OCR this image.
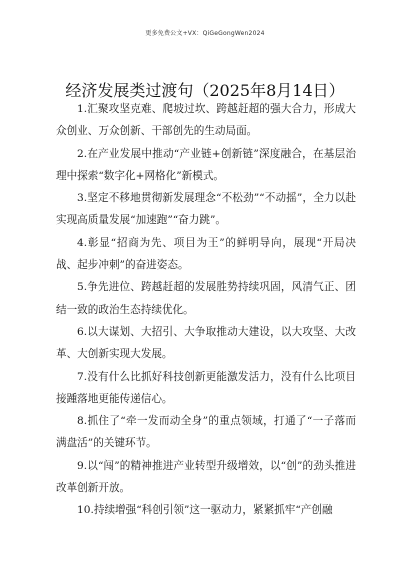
更多免费公文+VX：QiGeGongWen2024
经济发展类过渡句（2025年8月14日）

1.汇聚攻坚克难、爬坡过坎、跨越赶超的强大合力，形成大众创业、万众创新、干部创先的生动局面。

2.在产业发展中推动“产业链+创新链”深度融合，在基层治理中探索“数字化+网格化”新模式。

3.坚定不移地贯彻新发展理念“不松劲”“不动摇”，全力以赴实现高质量发展“加速跑”“奋力跳”。

4.彰显“招商为先、项目为王”的鲜明导向，展现“开局决战、起步冲刺”的奋进姿态。

5.争先进位、跨越赶超的发展胜势持续巩固，风清气正、团结一致的政治生态持续优化。

6.以大谋划、大招引、大争取推动大建设，以大攻坚、大改革、大创新实现大发展。

7.没有什么比抓好科技创新更能激发活力，没有什么比项目接踵落地更能传递信心。

8.抓住了“牵一发而动全身”的重点领域，打通了“一子落而满盘活”的关键环节。

9.以“闯”的精神推进产业转型升级增效，以“创”的劲头推进改革创新开放。

10.持续增强“科创引领”这一驱动力，紧紧抓牢“产创融
